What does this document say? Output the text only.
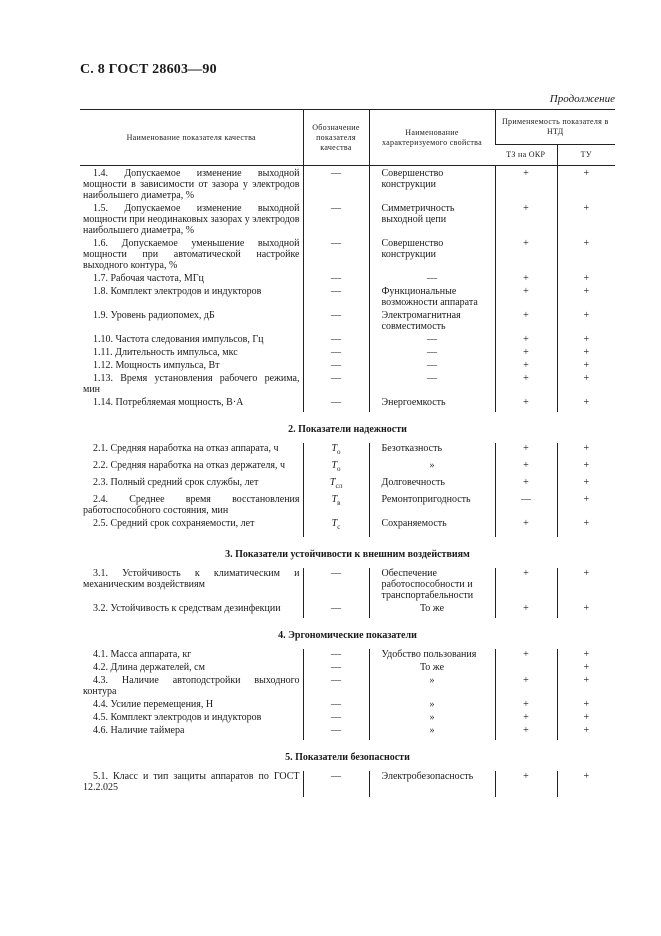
С. 8 ГОСТ 28603—90
Продолжение
Наименование показателя качества	Обозначение показателя качества	Наименование характеризуемого свойства	Применяемость показателя в НТД	
			ТЗ на ОКР	ТУ

1.4. Допускаемое изменение выходной мощности в зависимости от зазора у электродов наибольшего диаметра, %	—	Совершенство конструкции	+	+
1.5. Допускаемое изменение выходной мощности при неодинаковых зазорах у электродов наибольшего диаметра, %	—	Симметричность выходной цепи	+	+
1.6. Допускаемое уменьшение выходной мощности при автоматической настройке выходного контура, %	—	Совершенство конструкции	+	+
1.7. Рабочая частота, МГц	—	—	+	+
1.8. Комплект электродов и индукторов	—	Функциональные возможности аппарата	+	+
1.9. Уровень радиопомех, дБ	—	Электромагнитная совместимость	+	+
1.10. Частота следования импульсов, Гц	—	—	+	+
1.11. Длительность импульса, мкс	—	—	+	+
1.12. Мощность импульса, Вт	—	—	+	+
1.13. Время установления рабочего режима, мин	—	—	+	+
1.14. Потребляемая мощность, В·А	—	Энергоемкость	+	+

2. Показатели надежности				
2.1. Средняя наработка на отказ аппарата, ч	$T_о$	Безотказность	+	+
2.2. Средняя наработка на отказ держателя, ч	$T_о$	»	+	+
2.3. Полный средний срок службы, лет	$T_{сл}$	Долговечность	+	+
2.4. Среднее время восстановления работоспособного состояния, мин	$T_в$	Ремонтопригодность	—	+
2.5. Средний срок сохраняемости, лет	$T_с$	Сохраняемость	+	+

3. Показатели устойчивости к внешним воздействиям				
3.1. Устойчивость к климатическим и механическим воздействиям	—	Обеспечение работоспособности и транспортабельности	+	+
3.2. Устойчивость к средствам дезинфекции	—	То же	+	+

4. Эргономические показатели				
4.1. Масса аппарата, кг	—	Удобство пользования	+	+
4.2. Длина держателей, см	—	То же		+
4.3. Наличие автоподстройки выходного контура	—	»	+	+
4.4. Усилие перемещения, Н	—	»	+	+
4.5. Комплект электродов и индукторов	—	»	+	+
4.6. Наличие таймера	—	»	+	+

5. Показатели безопасности				
5.1. Класс и тип защиты аппаратов по ГОСТ 12.2.025	—	Электробезопасность	+	+
